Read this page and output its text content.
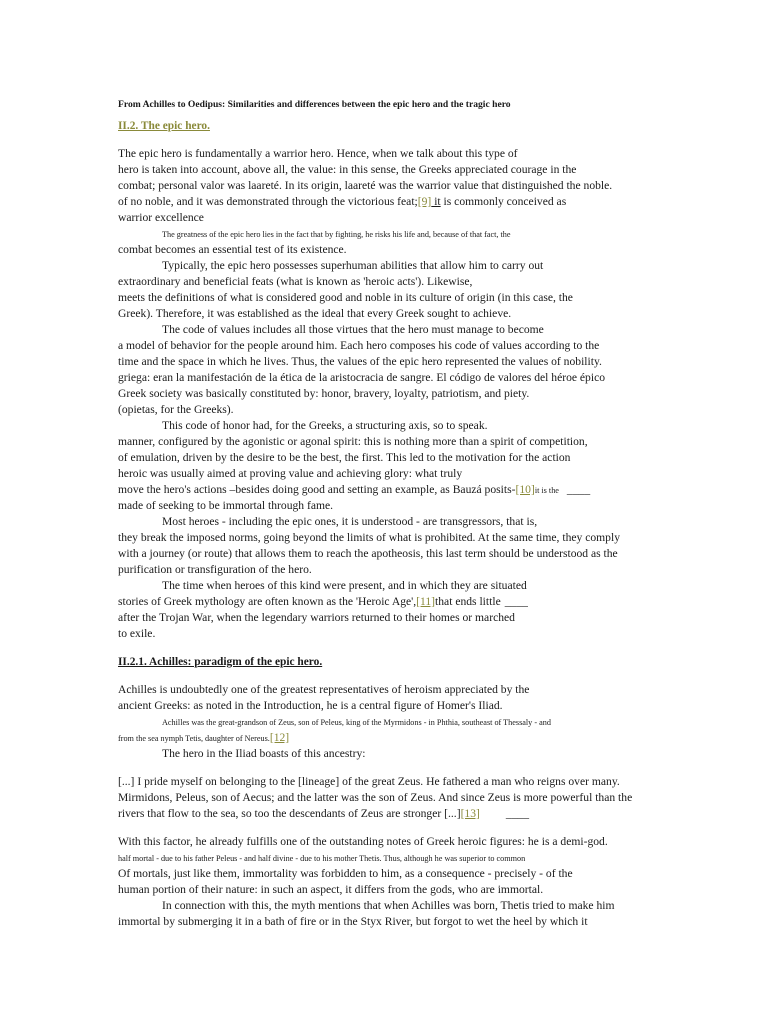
From Achilles to Oedipus: Similarities and differences between the epic hero and the tragic hero
II.2. The epic hero.
The epic hero is fundamentally a warrior hero. Hence, when we talk about this type of
hero is taken into account, above all, the value: in this sense, the Greeks appreciated courage in the
combat; personal valor was laareté. In its origin, laareté was the warrior value that distinguished the noble.
of no noble, and it was demonstrated through the victorious feat;[9] it is commonly conceived as
warrior excellence
The greatness of the epic hero lies in the fact that by fighting, he risks his life and, because of that fact, the
combat becomes an essential test of its existence.
Typically, the epic hero possesses superhuman abilities that allow him to carry out
extraordinary and beneficial feats (what is known as 'heroic acts'). Likewise,
meets the definitions of what is considered good and noble in its culture of origin (in this case, the
Greek). Therefore, it was established as the ideal that every Greek sought to achieve.
The code of values includes all those virtues that the hero must manage to become
a model of behavior for the people around him. Each hero composes his code of values according to the
time and the space in which he lives. Thus, the values of the epic hero represented the values of nobility.
griega: eran la manifestación de la ética de la aristocracia de sangre. El código de valores del héroe épico
Greek society was basically constituted by: honor, bravery, loyalty, patriotism, and piety.
(opietas, for the Greeks).
This code of honor had, for the Greeks, a structuring axis, so to speak.
manner, configured by the agonistic or agonal spirit: this is nothing more than a spirit of competition,
of emulation, driven by the desire to be the best, the first. This led to the motivation for the action
heroic was usually aimed at proving value and achieving glory: what truly
move the hero's actions –besides doing good and setting an example, as Bauzá posits-[10]it is the ____
made of seeking to be immortal through fame.
Most heroes - including the epic ones, it is understood - are transgressors, that is,
they break the imposed norms, going beyond the limits of what is prohibited. At the same time, they comply
with a journey (or route) that allows them to reach the apotheosis, this last term should be understood as the
purification or transfiguration of the hero.
The time when heroes of this kind were present, and in which they are situated
stories of Greek mythology are often known as the 'Heroic Age',[11]that ends little ____
after the Trojan War, when the legendary warriors returned to their homes or marched
to exile.
II.2.1. Achilles: paradigm of the epic hero.
Achilles is undoubtedly one of the greatest representatives of heroism appreciated by the
ancient Greeks: as noted in the Introduction, he is a central figure of Homer's Iliad.
Achilles was the great-grandson of Zeus, son of Peleus, king of the Myrmidons - in Phthia, southeast of Thessaly - and
from the sea nymph Tetis, daughter of Nereus.[12]
The hero in the Iliad boasts of this ancestry:
[...] I pride myself on belonging to the [lineage] of the great Zeus. He fathered a man who reigns over many.
Mirmidons, Peleus, son of Aecus; and the latter was the son of Zeus. And since Zeus is more powerful than the
rivers that flow to the sea, so too the descendants of Zeus are stronger [...][13] ____
With this factor, he already fulfills one of the outstanding notes of Greek heroic figures: he is a demi-god.
half mortal - due to his father Peleus - and half divine - due to his mother Thetis. Thus, although he was superior to common
Of mortals, just like them, immortality was forbidden to him, as a consequence - precisely - of the
human portion of their nature: in such an aspect, it differs from the gods, who are immortal.
In connection with this, the myth mentions that when Achilles was born, Thetis tried to make him
immortal by submerging it in a bath of fire or in the Styx River, but forgot to wet the heel by which it
